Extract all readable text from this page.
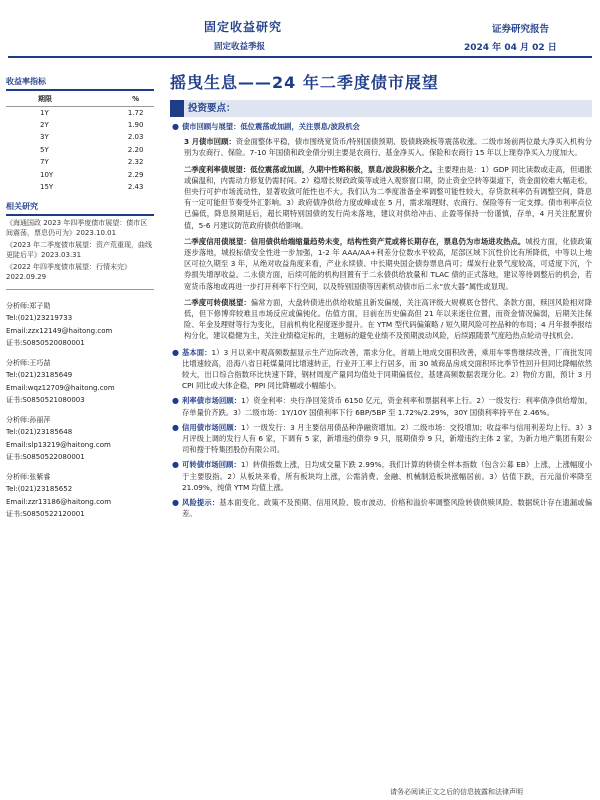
固定收益研究
固定收益季报
证券研究报告
2024 年 04 月 02 日
摇曳生息——24 年二季度债市展望
收益率指标
期限	%
1Y	1.72
2Y	1.90
3Y	2.03
5Y	2.20
7Y	2.32
10Y	2.29
15Y	2.43
相关研究

《海通国政 2023 年四季度债市展望：债市区间震荡，票息仍可为》2023.10.01

《2023 年二季度债市展望：资产荒重现，曲线更陡后平》2023.03.31

《2022 年四季度债市展望：行情未完》2022.09.29

分析师:郑子勋
Tel:(021)23219733
Email:zzx12149@haitong.com
证书:S0850520080001
分析师:王巧喆
Tel:(021)23185649
Email:wqz12709@haitong.com
证书:S0850521080003
分析师:孙丽萍
Tel:(021)23185648
Email:slp13219@haitong.com
证书:S0850522080001
分析师:张紫睿
Tel:(021)23185652
Email:zzr13186@haitong.com
证书:S0850522120001
投资要点：

● 债市回顾与展望：低位震荡或加剧，关注票息/波段机会

3 月债市回顾：资金面整体平稳，债市围绕宽货币/特别国债预期、股债跷跷板等震荡收涨。二级市场前两位最大净买入机构分别为农商行、保险。7-10 年国债和政金债分别主要是农商行、基金净买入。保险和农商行 15 年以上现券净买入力度加大。

二季度利率债展望：低位震荡或加剧，久期中性略积极，票息/波段积极介之。主要理由是：1）GDP 同比读数或走高，但通胀或偏温和，内需动力修复仍需时间。2）稳增长财政政策等或进入观察窗口期，防止资金空转等渠道下，资金面较难大幅走松，但央行可护市场流动性，显著收敛可能性也不大。我们认为二季度准备金率调整可能性较大，存贷款利率仍有调整空间，降息有一定可能但节奏受外汇影响。3）政府债净供给力度或峰或在 5 月，需求端理财、农商行、保险等有一定支撑。债市利率点位已偏低，降息预期延后，超长期特别国债的发行尚未落地，建议对供给冲击、止盈等保持一份谨慎，存单，4 月关注配置价值，5-6 月建议防范政府债供给影响。

二季度信用债展望：信用债供给端缩量趋势未变，结构性资产荒或将长期存在，票息仍为市场进攻热点。城投方面，化债政策逐步落地，城投标债安全性进一步加强，1-2 年 AAA/AA+利差分位数水平较高，尾部区域下沉性价比有所降低，中等以上地区可拉久期至 3 年，从绝对收益角度来看，产业永续债、中长期央国企债券票息尚可；煤炭行业景气度较高，可适度下沉，个券损失增厚收益。二永债方面，后续可能的机构回置有于二永债供给放量和 TLAC 债的正式落地，建议等待调整后的机会，若宽货币落地或再进一步打开利率下行空间，以及特别国债等因素机动债市后二永“放大器”属性或显现。

二季度可转债展望：偏常方面，大盘转债进出供给收缩且新发偏缓，关注高评级大规模底仓替代、条款方面，赎回风险相对降低，但下修博弈较难且市场反应或偏钝化。估值方面，目前在历史偏高但 21 年以来迷住位置，而资金情况偏弱，后期关注保险、年金及理财等行为变化，目前机构化程度逐步提升。在 YTM 型代码偏策略 / 短久期风险可控品种的布局；4 月年报季报结构分化，建议稳健为主，关注业绩稳定标的，主题标的避免业绩不及预期波动风险，后续跟随景气度趋热点轮动寻找机会。

● 基本面：1）3 月以来中观高频数据显示生产边际改善，需求分化，首端上地成交面积改善，乘用车零售继续改善，厂商批发同比增速较高，沿海八省日耗煤量同比增速转正，行业开工率上行居多，而 30 城商品房成交面积环比季节性回升但同比降幅依然较大，出口综合指数环比快速下降，钢材周度产量同均值处于同期偏低位，基建高频数据表现分化。2）物价方面，预计 3 月 CPI 同比或大体企稳，PPI 同比降幅或小幅缩小。

● 利率债市场回顾：1）资金利率：央行净回笼货币 6150 亿元，资金利率和票据利率上行。2）一级发行：利率债净供给增加，存单量价齐跌。3）二级市场：1Y/10Y 国债利率下行 6BP/5BP 至 1.72%/2.29%，30Y 国债利率持平在 2.46%。

● 信用债市场回顾：1）一级发行：3 月主要信用债品种净融资增加。2）二级市场：交投增加；收益率与信用利差均上行。3）3 月评级上调的发行人有 6 家，下调有 5 家，新增违约债券 9 只，展期债券 9 只，新增违约主体 2 家，为新力地产集团有限公司和搜于特集团股份有限公司。

● 可转债市场回顾：1）转债指数上涨，日均成交量下跌 2.99%。我们计算的转债全样本指数（包含公募 EB）上涨，上涨幅度小于主要股指。2）从板块来看，所有板块均上涨，公需消费、金融、机械制造板块涨幅居前。3）估值下跌，百元溢价率降至 21.09%，纯债 YTM 均值上涨。

● 风险提示：基本面变化、政策不及预期、信用风险、股市波动、价格和溢价率调整风险转债供赎风险、数据统计存在遗漏或偏差。

请务必阅读正文之后的信息披露和法律声明
